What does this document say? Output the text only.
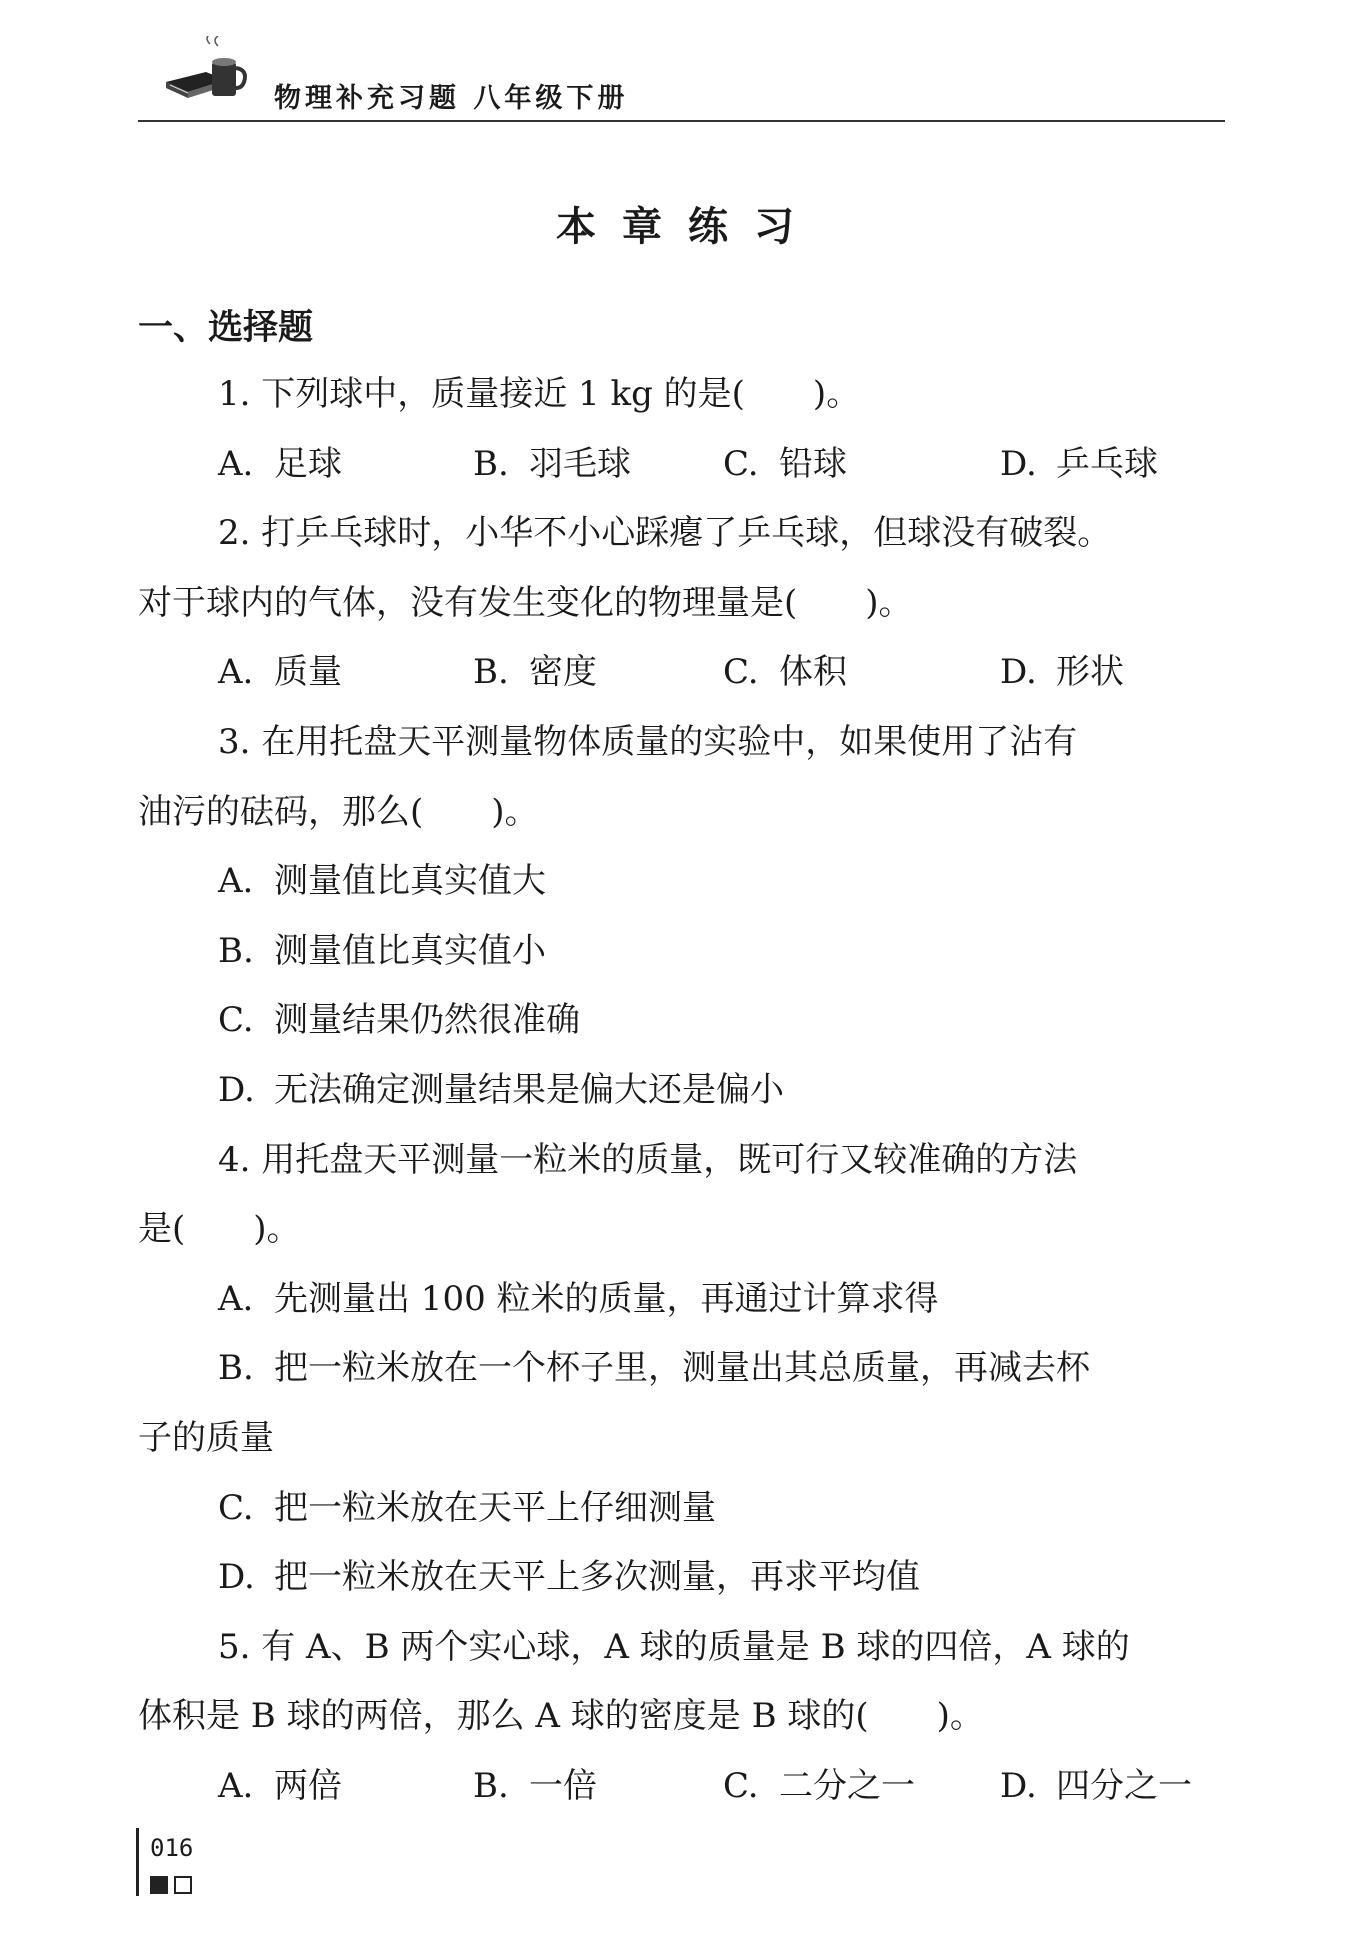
物理补充习题 八年级下册
本章练习
一、选择题
1. 下列球中，质量接近 1 kg 的是(　　)。
A. 足球	B. 羽毛球	C. 铅球	D. 乒乓球
2. 打乒乓球时，小华不小心踩瘪了乒乓球，但球没有破裂。
对于球内的气体，没有发生变化的物理量是(　　)。
A. 质量	B. 密度	C. 体积	D. 形状
3. 在用托盘天平测量物体质量的实验中，如果使用了沾有
油污的砝码，那么(　　)。
A. 测量值比真实值大
B. 测量值比真实值小
C. 测量结果仍然很准确
D. 无法确定测量结果是偏大还是偏小
4. 用托盘天平测量一粒米的质量，既可行又较准确的方法
是(　　)。
A. 先测量出 100 粒米的质量，再通过计算求得
B. 把一粒米放在一个杯子里，测量出其总质量，再减去杯
子的质量
C. 把一粒米放在天平上仔细测量
D. 把一粒米放在天平上多次测量，再求平均值
5. 有 A、B 两个实心球，A 球的质量是 B 球的四倍，A 球的
体积是 B 球的两倍，那么 A 球的密度是 B 球的(　　)。
A. 两倍	B. 一倍	C. 二分之一	D. 四分之一
016
